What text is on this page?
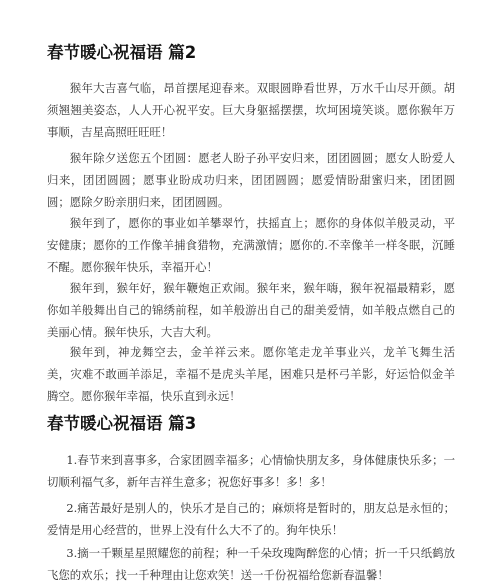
春节暖心祝福语 篇2

猴年大吉喜气临，昂首摆尾迎春来。双眼圆睁看世界，万水千山尽开颜。胡须翘翘美姿态，人人开心祝平安。巨大身躯摇摆摆，坎坷困境笑谈。愿你猴年万事顺，吉星高照旺旺旺！

猴年除夕送您五个团圆：愿老人盼子孙平安归来，团团圆圆；愿女人盼爱人归来，团团圆圆；愿事业盼成功归来，团团圆圆；愿爱情盼甜蜜归来，团团圆圆；愿除夕盼亲朋归来，团团圆圆。

猴年到了，愿你的事业如羊攀翠竹，扶摇直上；愿你的身体似羊般灵动，平安健康；愿你的工作像羊捕食猎物，充满激情；愿你的.不幸像羊一样冬眠，沉睡不醒。愿你猴年快乐，幸福开心！

猴年到，猴年好，猴年鞭炮正欢闹。猴年来，猴年嗨，猴年祝福最精彩，愿你如羊般舞出自己的锦绣前程，如羊般游出自己的甜美爱情，如羊般点燃自己的美丽心情。猴年快乐，大吉大利。

猴年到，神龙舞空去，金羊祥云来。愿你笔走龙羊事业兴，龙羊飞舞生活美，灾难不敢画羊添足，幸福不是虎头羊尾，困难只是杯弓羊影，好运恰似金羊腾空。愿你猴年幸福，快乐直到永远！

春节暖心祝福语 篇3

1.春节来到喜事多，合家团圆幸福多；心情愉快朋友多，身体健康快乐多；一切顺利福气多，新年吉祥生意多；祝您好事多！多！多！

2.痛苦最好是别人的，快乐才是自己的；麻烦将是暂时的，朋友总是永恒的；爱情是用心经营的，世界上没有什么大不了的。狗年快乐！

3.摘一千颗星星照耀您的前程；种一千朵玫瑰陶醉您的心情；折一千只纸鹤放飞您的欢乐；找一千种理由让您欢笑！送一千份祝福给您新春温馨！
